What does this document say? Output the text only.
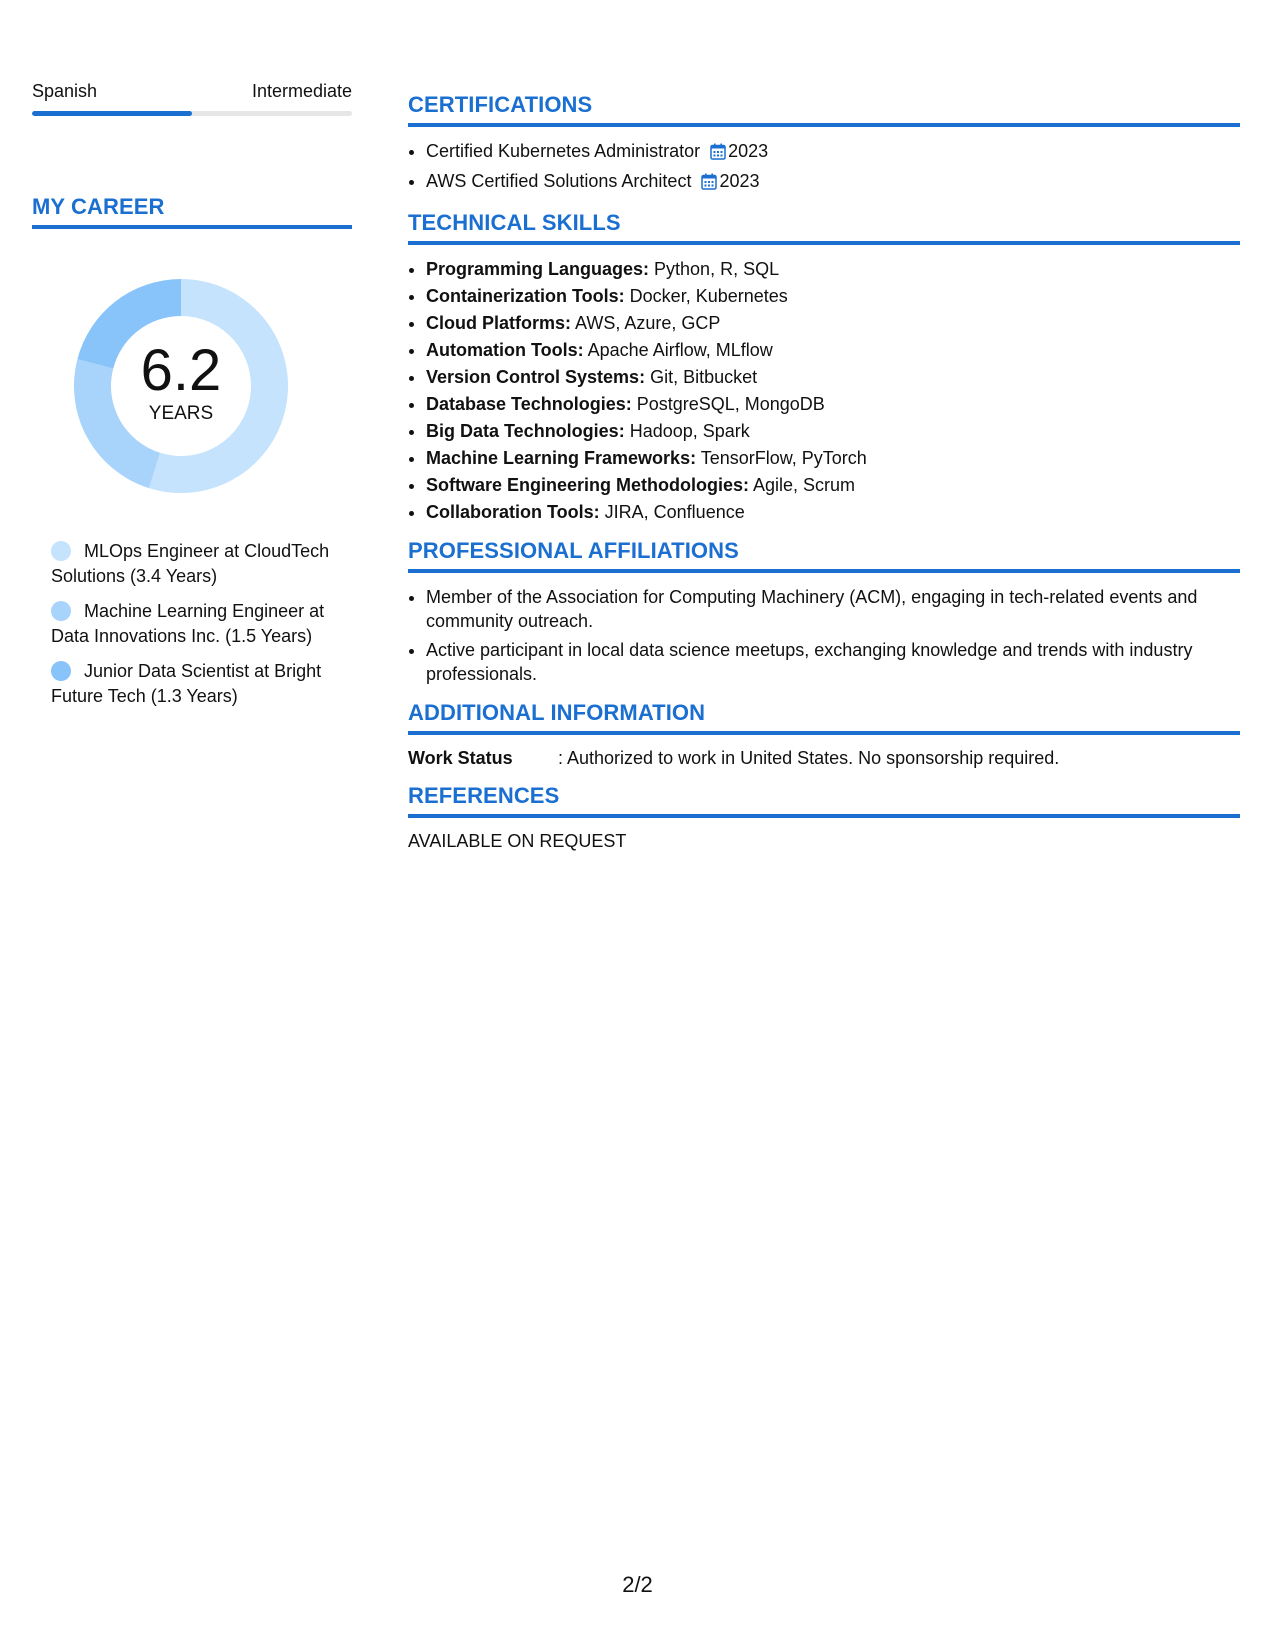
Spanish	Intermediate
MY CAREER
6.2
YEARS
MLOps Engineer at CloudTech Solutions (3.4 Years)
Machine Learning Engineer at Data Innovations Inc. (1.5 Years)
Junior Data Scientist at Bright Future Tech (1.3 Years)
CERTIFICATIONS
• Certified Kubernetes Administrator 2023
• AWS Certified Solutions Architect 2023
TECHNICAL SKILLS
• Programming Languages: Python, R, SQL
• Containerization Tools: Docker, Kubernetes
• Cloud Platforms: AWS, Azure, GCP
• Automation Tools: Apache Airflow, MLflow
• Version Control Systems: Git, Bitbucket
• Database Technologies: PostgreSQL, MongoDB
• Big Data Technologies: Hadoop, Spark
• Machine Learning Frameworks: TensorFlow, PyTorch
• Software Engineering Methodologies: Agile, Scrum
• Collaboration Tools: JIRA, Confluence
PROFESSIONAL AFFILIATIONS
• Member of the Association for Computing Machinery (ACM), engaging in tech-related events and community outreach.
• Active participant in local data science meetups, exchanging knowledge and trends with industry professionals.
ADDITIONAL INFORMATION
Work Status	: Authorized to work in United States. No sponsorship required.
REFERENCES
AVAILABLE ON REQUEST
2/2
